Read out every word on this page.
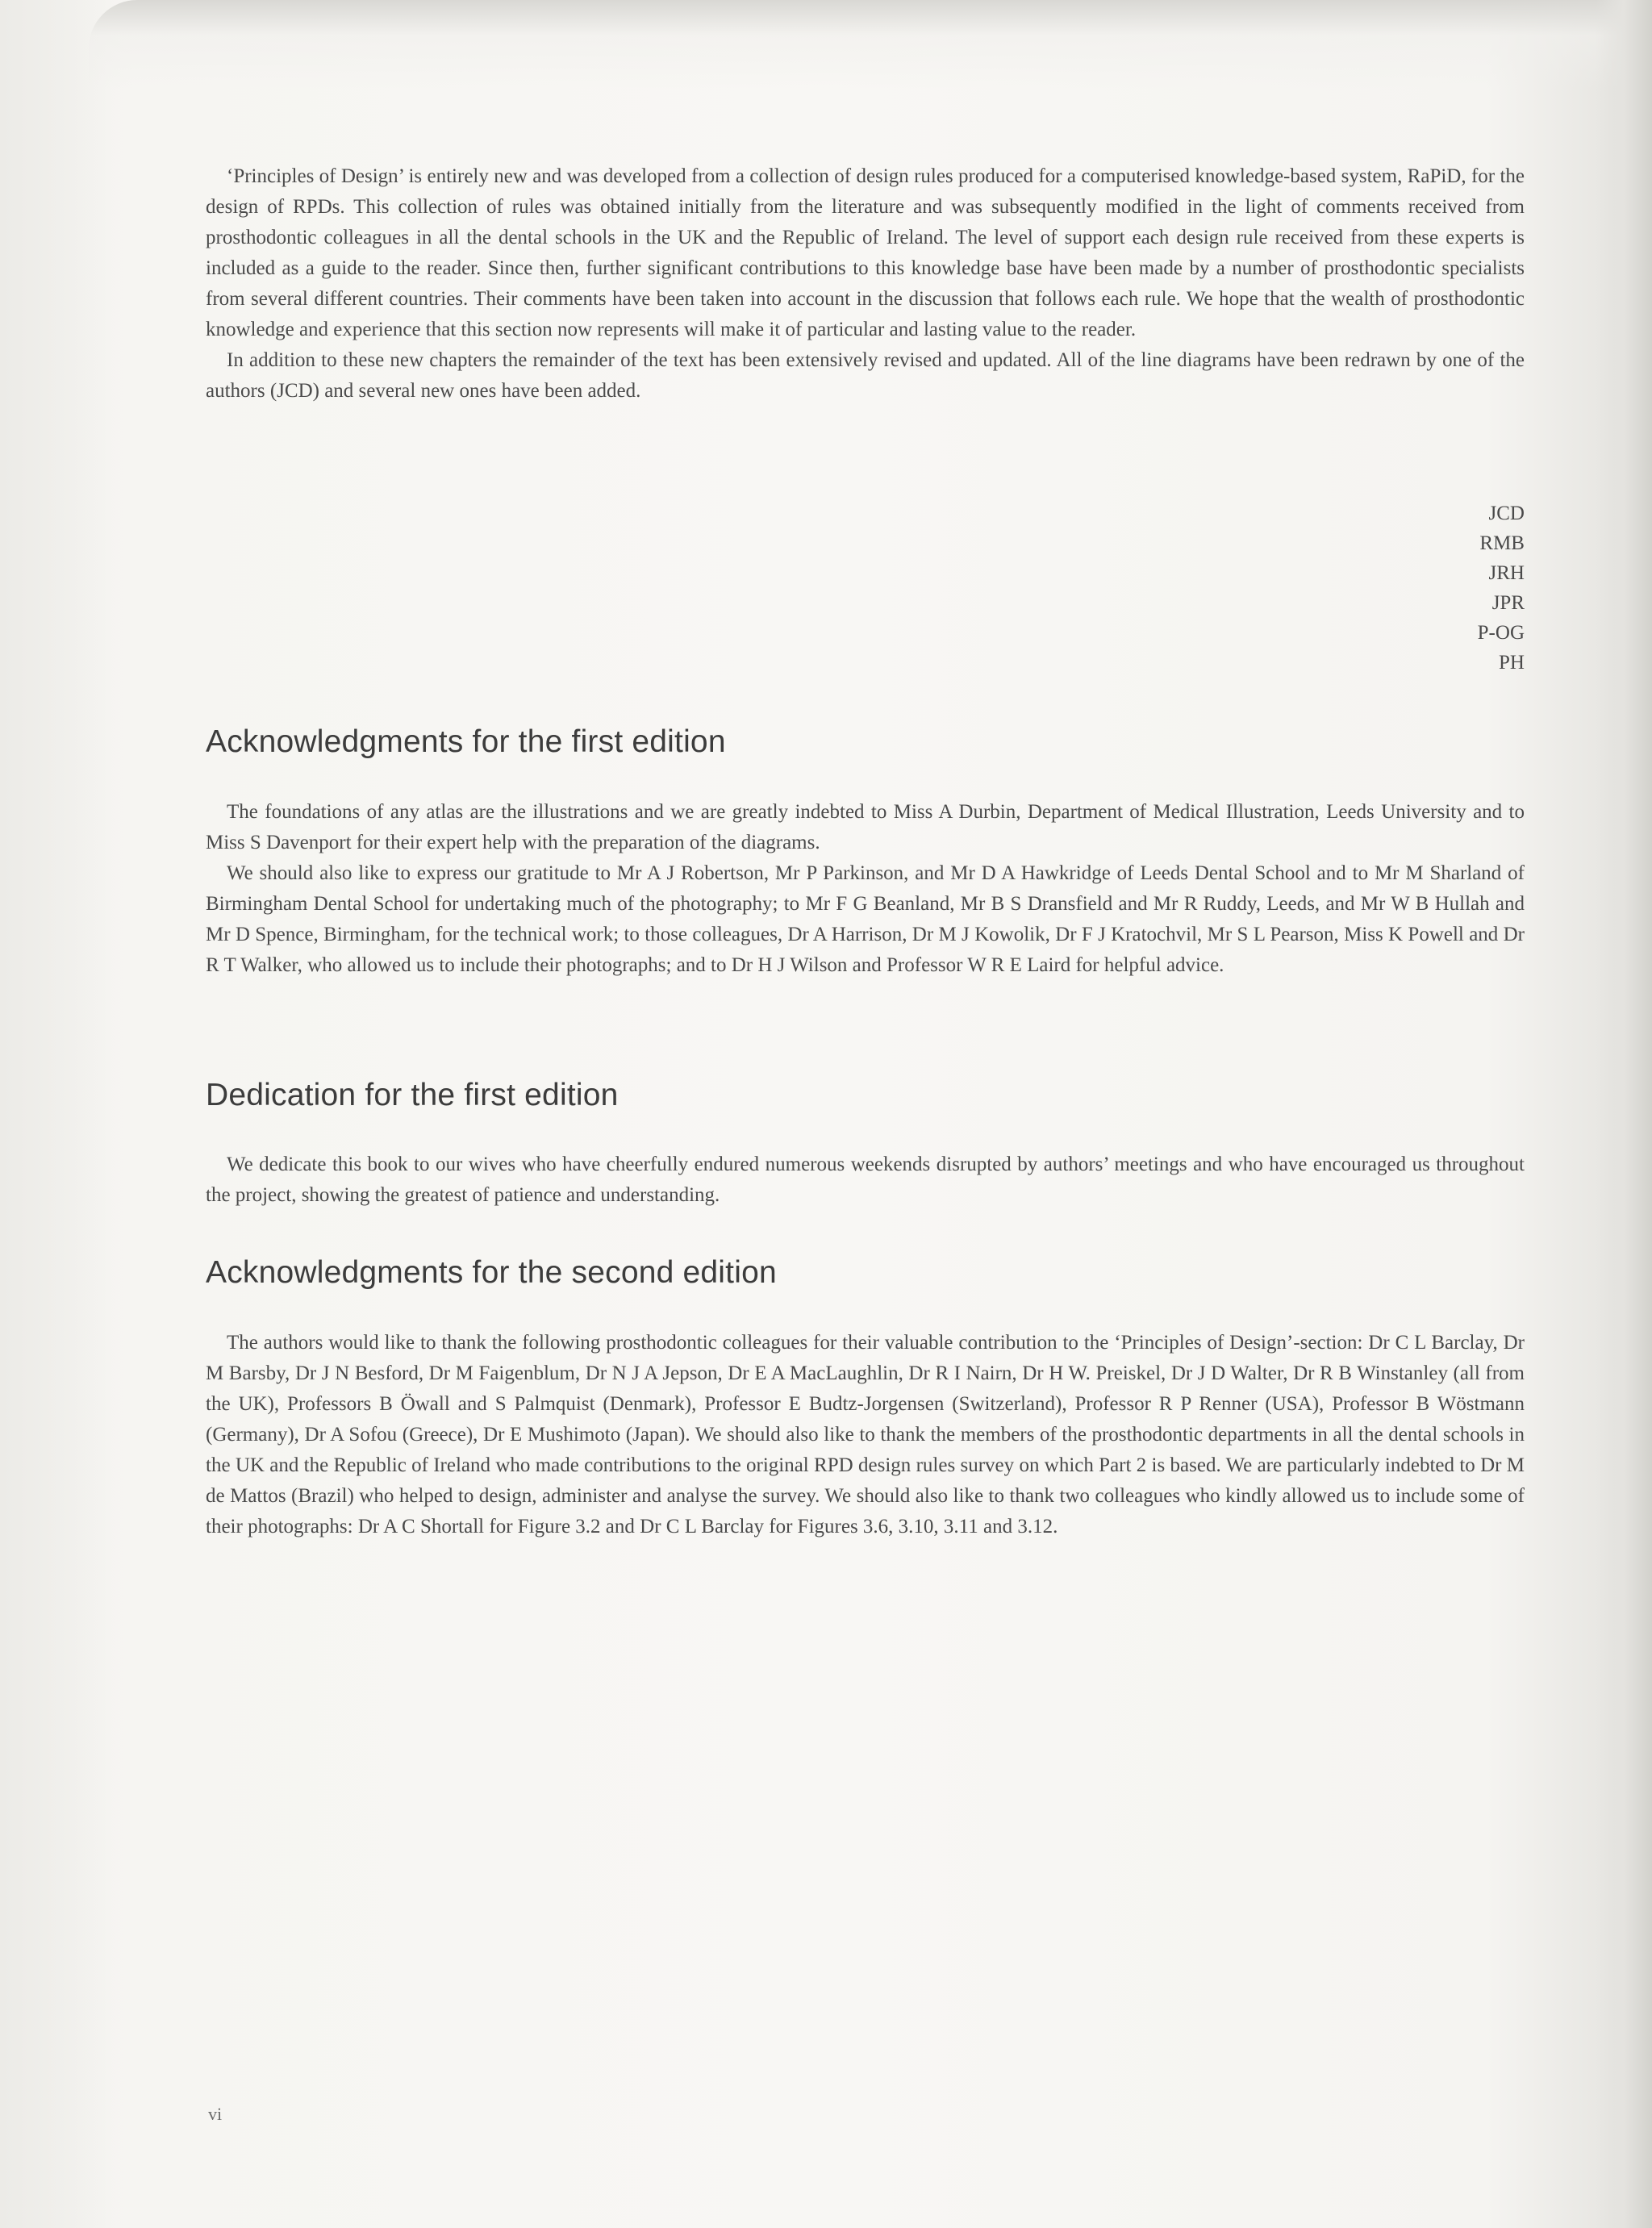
‘Principles of Design’ is entirely new and was developed from a collection of design rules produced for a computerised knowledge-based system, RaPiD, for the design of RPDs. This collection of rules was obtained initially from the literature and was subsequently modified in the light of comments received from prosthodontic colleagues in all the dental schools in the UK and the Republic of Ireland. The level of support each design rule received from these experts is included as a guide to the reader. Since then, further significant contributions to this knowledge base have been made by a number of prosthodontic specialists from several different countries. Their comments have been taken into account in the discussion that follows each rule. We hope that the wealth of prosthodontic knowledge and experience that this section now represents will make it of particular and lasting value to the reader.

In addition to these new chapters the remainder of the text has been extensively revised and updated. All of the line diagrams have been redrawn by one of the authors (JCD) and several new ones have been added.

JCD
RMB
JRH
JPR
P-OG
PH
Acknowledgments for the first edition

The foundations of any atlas are the illustrations and we are greatly indebted to Miss A Durbin, Department of Medical Illustration, Leeds University and to Miss S Davenport for their expert help with the preparation of the diagrams.

We should also like to express our gratitude to Mr A J Robertson, Mr P Parkinson, and Mr D A Hawkridge of Leeds Dental School and to Mr M Sharland of Birmingham Dental School for undertaking much of the photography; to Mr F G Beanland, Mr B S Dransfield and Mr R Ruddy, Leeds, and Mr W B Hullah and Mr D Spence, Birmingham, for the technical work; to those colleagues, Dr A Harrison, Dr M J Kowolik, Dr F J Kratochvil, Mr S L Pearson, Miss K Powell and Dr R T Walker, who allowed us to include their photographs; and to Dr H J Wilson and Professor W R E Laird for helpful advice.

Dedication for the first edition

We dedicate this book to our wives who have cheerfully endured numerous weekends disrupted by authors’ meetings and who have encouraged us throughout the project, showing the greatest of patience and understanding.

Acknowledgments for the second edition

The authors would like to thank the following prosthodontic colleagues for their valuable contribution to the ‘Principles of Design’-section: Dr C L Barclay, Dr M Barsby, Dr J N Besford, Dr M Faigenblum, Dr N J A Jepson, Dr E A MacLaughlin, Dr R I Nairn, Dr H W. Preiskel, Dr J D Walter, Dr R B Winstanley (all from the UK), Professors B Öwall and S Palmquist (Denmark), Professor E Budtz-Jorgensen (Switzerland), Professor R P Renner (USA), Professor B Wöstmann (Germany), Dr A Sofou (Greece), Dr E Mushimoto (Japan). We should also like to thank the members of the prosthodontic departments in all the dental schools in the UK and the Republic of Ireland who made contributions to the original RPD design rules survey on which Part 2 is based. We are particularly indebted to Dr M de Mattos (Brazil) who helped to design, administer and analyse the survey. We should also like to thank two colleagues who kindly allowed us to include some of their photographs: Dr A C Shortall for Figure 3.2 and Dr C L Barclay for Figures 3.6, 3.10, 3.11 and 3.12.

vi
